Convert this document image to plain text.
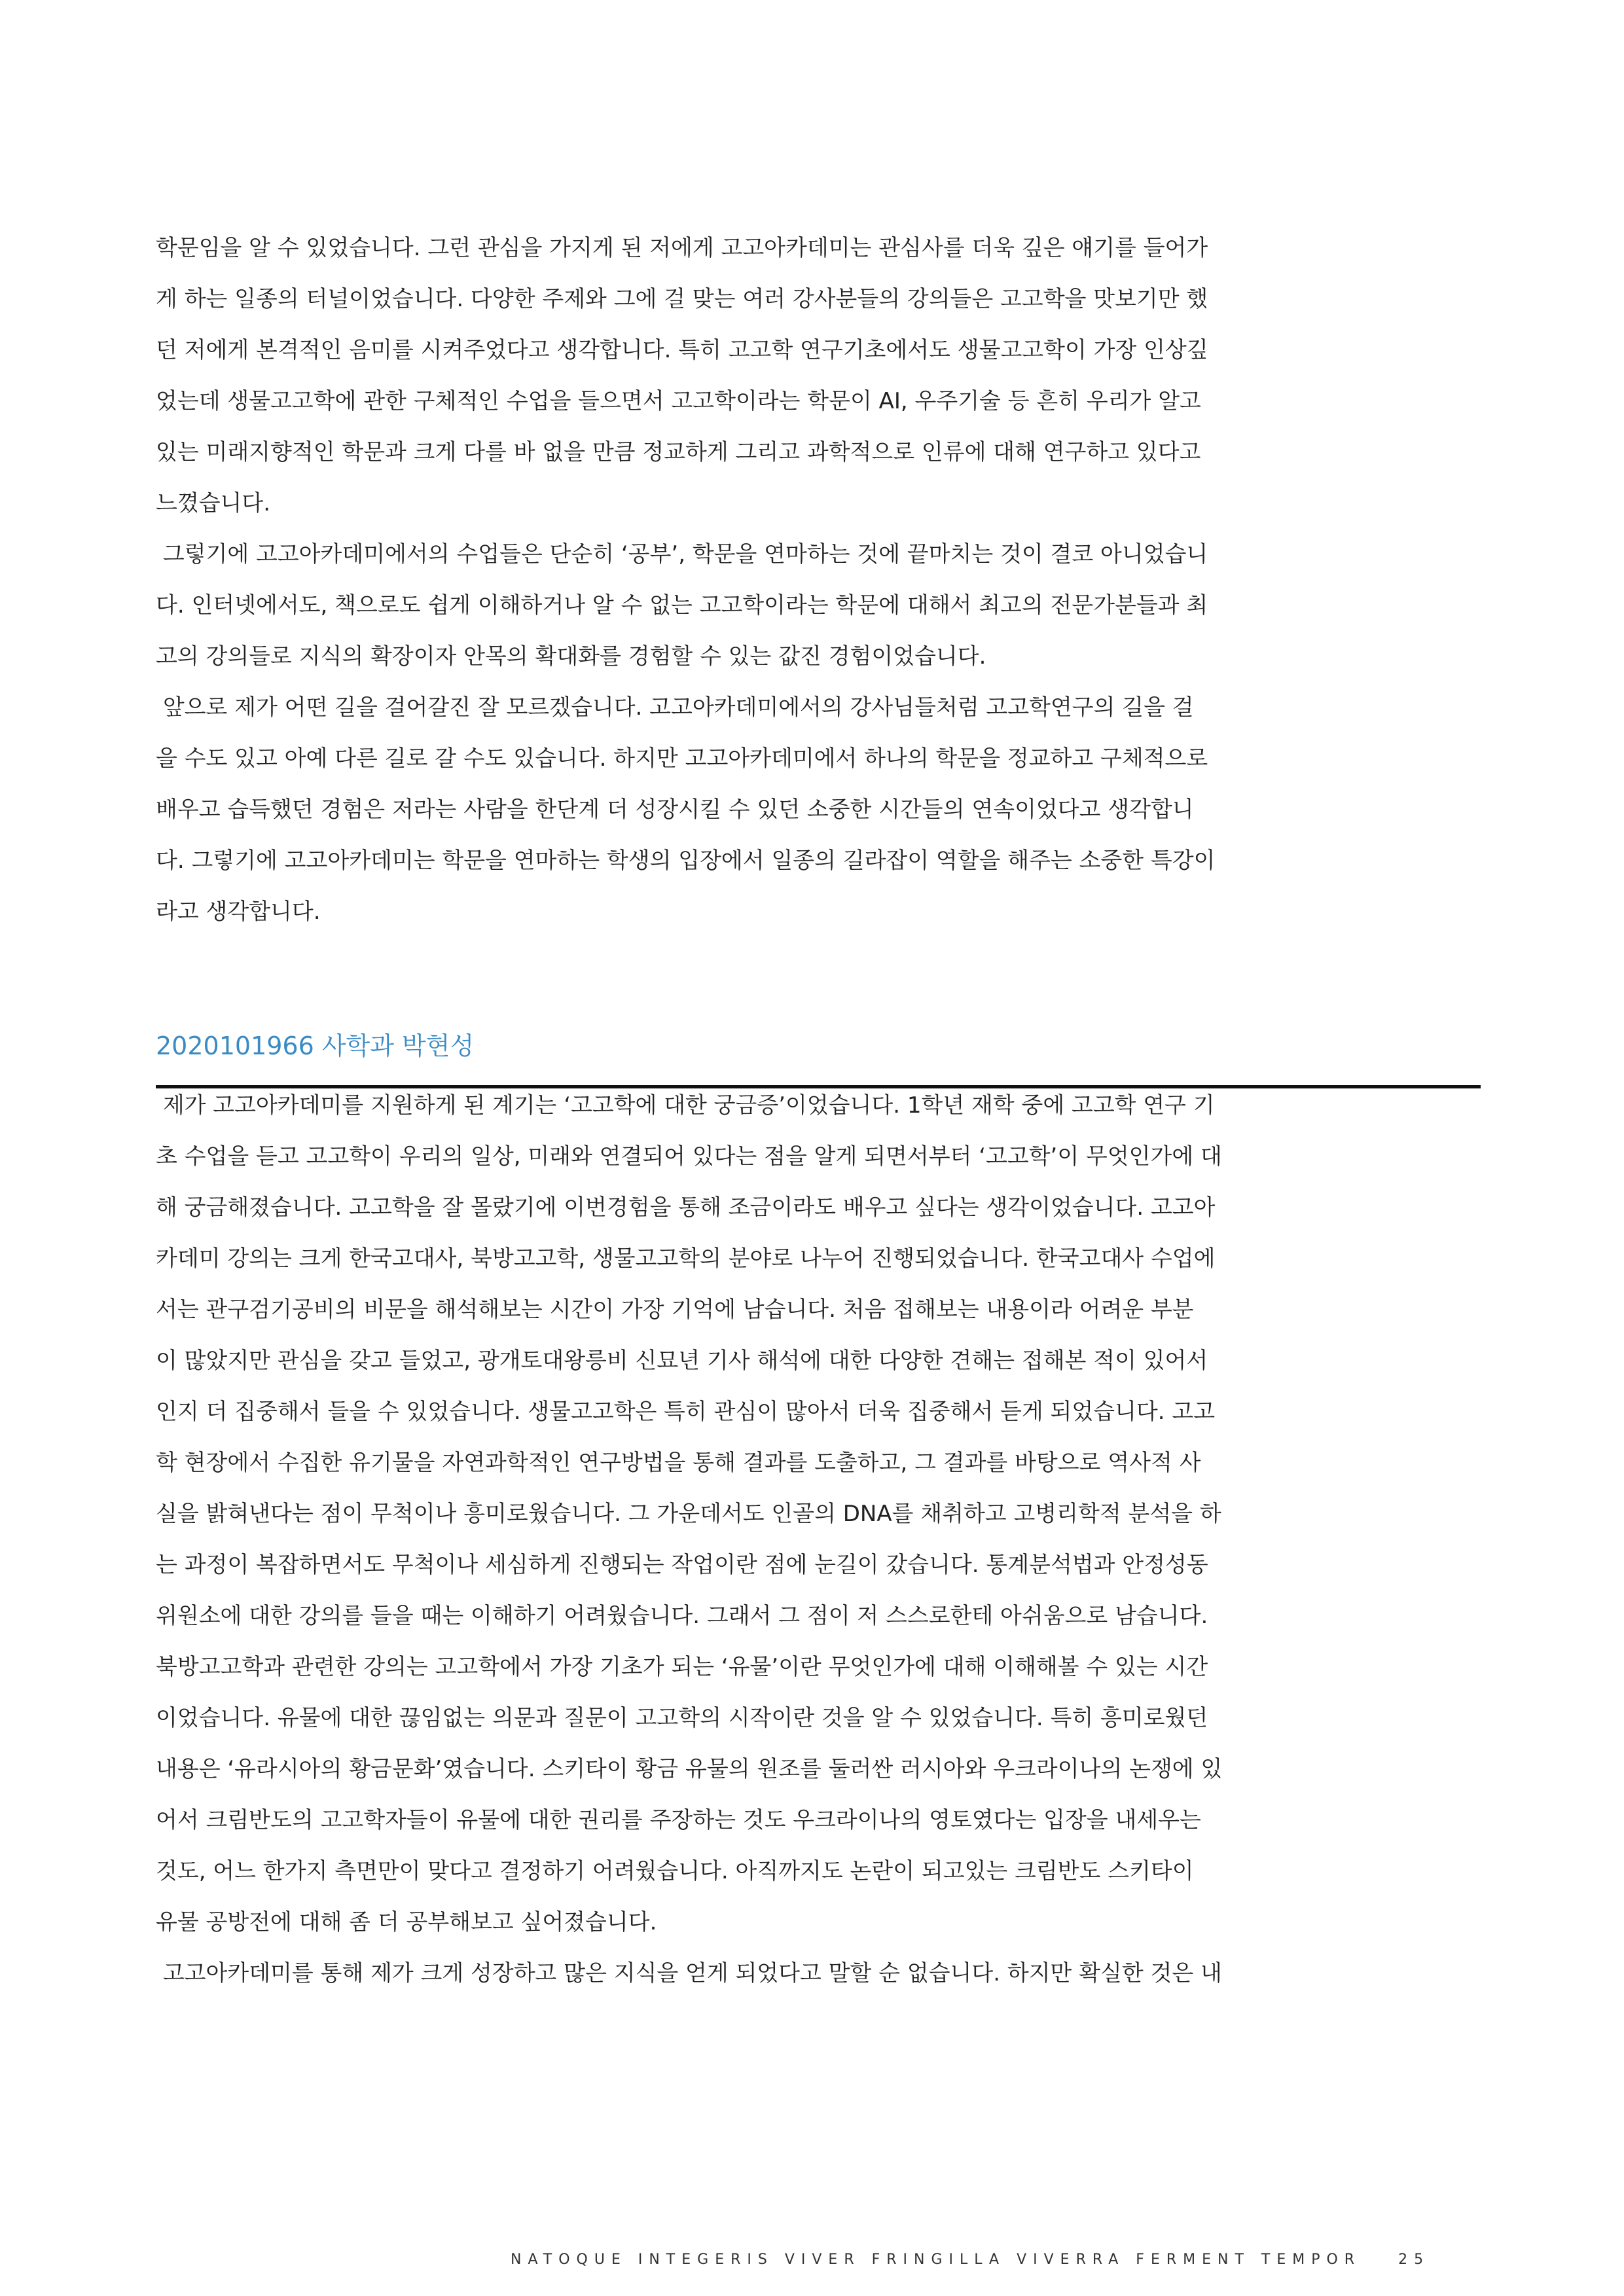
학문임을 알 수 있었습니다. 그런 관심을 가지게 된 저에게 고고아카데미는 관심사를 더욱 깊은 얘기를 들어가
게 하는 일종의 터널이었습니다. 다양한 주제와 그에 걸 맞는 여러 강사분들의 강의들은 고고학을 맛보기만 했
던 저에게 본격적인 음미를 시켜주었다고 생각합니다. 특히 고고학 연구기초에서도 생물고고학이 가장 인상깊
었는데 생물고고학에 관한 구체적인 수업을 들으면서 고고학이라는 학문이 AI, 우주기술 등 흔히 우리가 알고
있는 미래지향적인 학문과 크게 다를 바 없을 만큼 정교하게 그리고 과학적으로 인류에 대해 연구하고 있다고
느꼈습니다.
그렇기에 고고아카데미에서의 수업들은 단순히 ‘공부’, 학문을 연마하는 것에 끝마치는 것이 결코 아니었습니
다. 인터넷에서도, 책으로도 쉽게 이해하거나 알 수 없는 고고학이라는 학문에 대해서 최고의 전문가분들과 최
고의 강의들로 지식의 확장이자 안목의 확대화를 경험할 수 있는 값진 경험이었습니다.
앞으로 제가 어떤 길을 걸어갈진 잘 모르겠습니다. 고고아카데미에서의 강사님들처럼 고고학연구의 길을 걸
을 수도 있고 아예 다른 길로 갈 수도 있습니다. 하지만 고고아카데미에서 하나의 학문을 정교하고 구체적으로
배우고 습득했던 경험은 저라는 사람을 한단계 더 성장시킬 수 있던 소중한 시간들의 연속이었다고 생각합니
다. 그렇기에 고고아카데미는 학문을 연마하는 학생의 입장에서 일종의 길라잡이 역할을 해주는 소중한 특강이
라고 생각합니다.
2020101966 사학과 박현성
제가 고고아카데미를 지원하게 된 계기는 ‘고고학에 대한 궁금증’이었습니다. 1학년 재학 중에 고고학 연구 기
초 수업을 듣고 고고학이 우리의 일상, 미래와 연결되어 있다는 점을 알게 되면서부터 ‘고고학’이 무엇인가에 대
해 궁금해졌습니다. 고고학을 잘 몰랐기에 이번경험을 통해 조금이라도 배우고 싶다는 생각이었습니다. 고고아
카데미 강의는 크게 한국고대사, 북방고고학, 생물고고학의 분야로 나누어 진행되었습니다. 한국고대사 수업에
서는 관구검기공비의 비문을 해석해보는 시간이 가장 기억에 남습니다. 처음 접해보는 내용이라 어려운 부분
이 많았지만 관심을 갖고 들었고, 광개토대왕릉비 신묘년 기사 해석에 대한 다양한 견해는 접해본 적이 있어서
인지 더 집중해서 들을 수 있었습니다. 생물고고학은 특히 관심이 많아서 더욱 집중해서 듣게 되었습니다. 고고
학 현장에서 수집한 유기물을 자연과학적인 연구방법을 통해 결과를 도출하고, 그 결과를 바탕으로 역사적 사
실을 밝혀낸다는 점이 무척이나 흥미로웠습니다. 그 가운데서도 인골의 DNA를 채취하고 고병리학적 분석을 하
는 과정이 복잡하면서도 무척이나 세심하게 진행되는 작업이란 점에 눈길이 갔습니다. 통계분석법과 안정성동
위원소에 대한 강의를 들을 때는 이해하기 어려웠습니다. 그래서 그 점이 저 스스로한테 아쉬움으로 남습니다.
북방고고학과 관련한 강의는 고고학에서 가장 기초가 되는 ‘유물’이란 무엇인가에 대해 이해해볼 수 있는 시간
이었습니다. 유물에 대한 끊임없는 의문과 질문이 고고학의 시작이란 것을 알 수 있었습니다. 특히 흥미로웠던
내용은 ‘유라시아의 황금문화’였습니다. 스키타이 황금 유물의 원조를 둘러싼 러시아와 우크라이나의 논쟁에 있
어서 크림반도의 고고학자들이 유물에 대한 권리를 주장하는 것도 우크라이나의 영토였다는 입장을 내세우는
것도, 어느 한가지 측면만이 맞다고 결정하기 어려웠습니다. 아직까지도 논란이 되고있는 크림반도 스키타이
유물 공방전에 대해 좀 더 공부해보고 싶어졌습니다.
고고아카데미를 통해 제가 크게 성장하고 많은 지식을 얻게 되었다고 말할 순 없습니다. 하지만 확실한 것은 내
NATOQUE INTEGERIS VIVER FRINGILLA VIVERRA FERMENT TEMPOR	25
